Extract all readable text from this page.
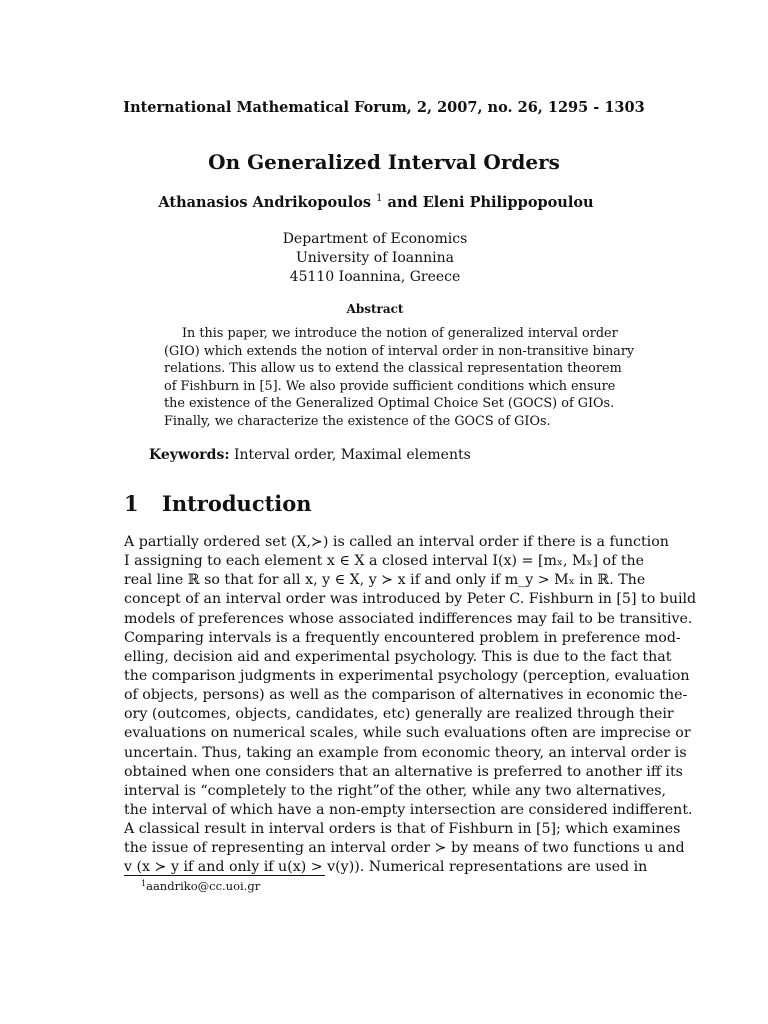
International Mathematical Forum, 2, 2007, no. 26, 1295 - 1303
On Generalized Interval Orders
Athanasios Andrikopoulos $^1$ and Eleni Philippopoulou
Department of Economics
University of Ioannina
45110 Ioannina, Greece
Abstract
In this paper, we introduce the notion of generalized interval order
(GIO) which extends the notion of interval order in non-transitive binary
relations. This allow us to extend the classical representation theorem
of Fishburn in [5]. We also provide sufficient conditions which ensure
the existence of the Generalized Optimal Choice Set (GOCS) of GIOs.
Finally, we characterize the existence of the GOCS of GIOs.
Keywords: Interval order, Maximal elements
1 Introduction
A partially ordered set (X,≻) is called an interval order if there is a function
I assigning to each element x ∈ X a closed interval I(x) = [mₓ, Mₓ] of the
real line ℝ so that for all x, y ∈ X, y ≻ x if and only if m_y > Mₓ in ℝ. The
concept of an interval order was introduced by Peter C. Fishburn in [5] to build
models of preferences whose associated indifferences may fail to be transitive.
Comparing intervals is a frequently encountered problem in preference mod-
elling, decision aid and experimental psychology. This is due to the fact that
the comparison judgments in experimental psychology (perception, evaluation
of objects, persons) as well as the comparison of alternatives in economic the-
ory (outcomes, objects, candidates, etc) generally are realized through their
evaluations on numerical scales, while such evaluations often are imprecise or
uncertain. Thus, taking an example from economic theory, an interval order is
obtained when one considers that an alternative is preferred to another iff its
interval is “completely to the right”of the other, while any two alternatives,
the interval of which have a non-empty intersection are considered indifferent.
A classical result in interval orders is that of Fishburn in [5]; which examines
the issue of representing an interval order ≻ by means of two functions u and
v (x ≻ y if and only if u(x) > v(y)). Numerical representations are used in
$^1$aandriko@cc.uoi.gr
